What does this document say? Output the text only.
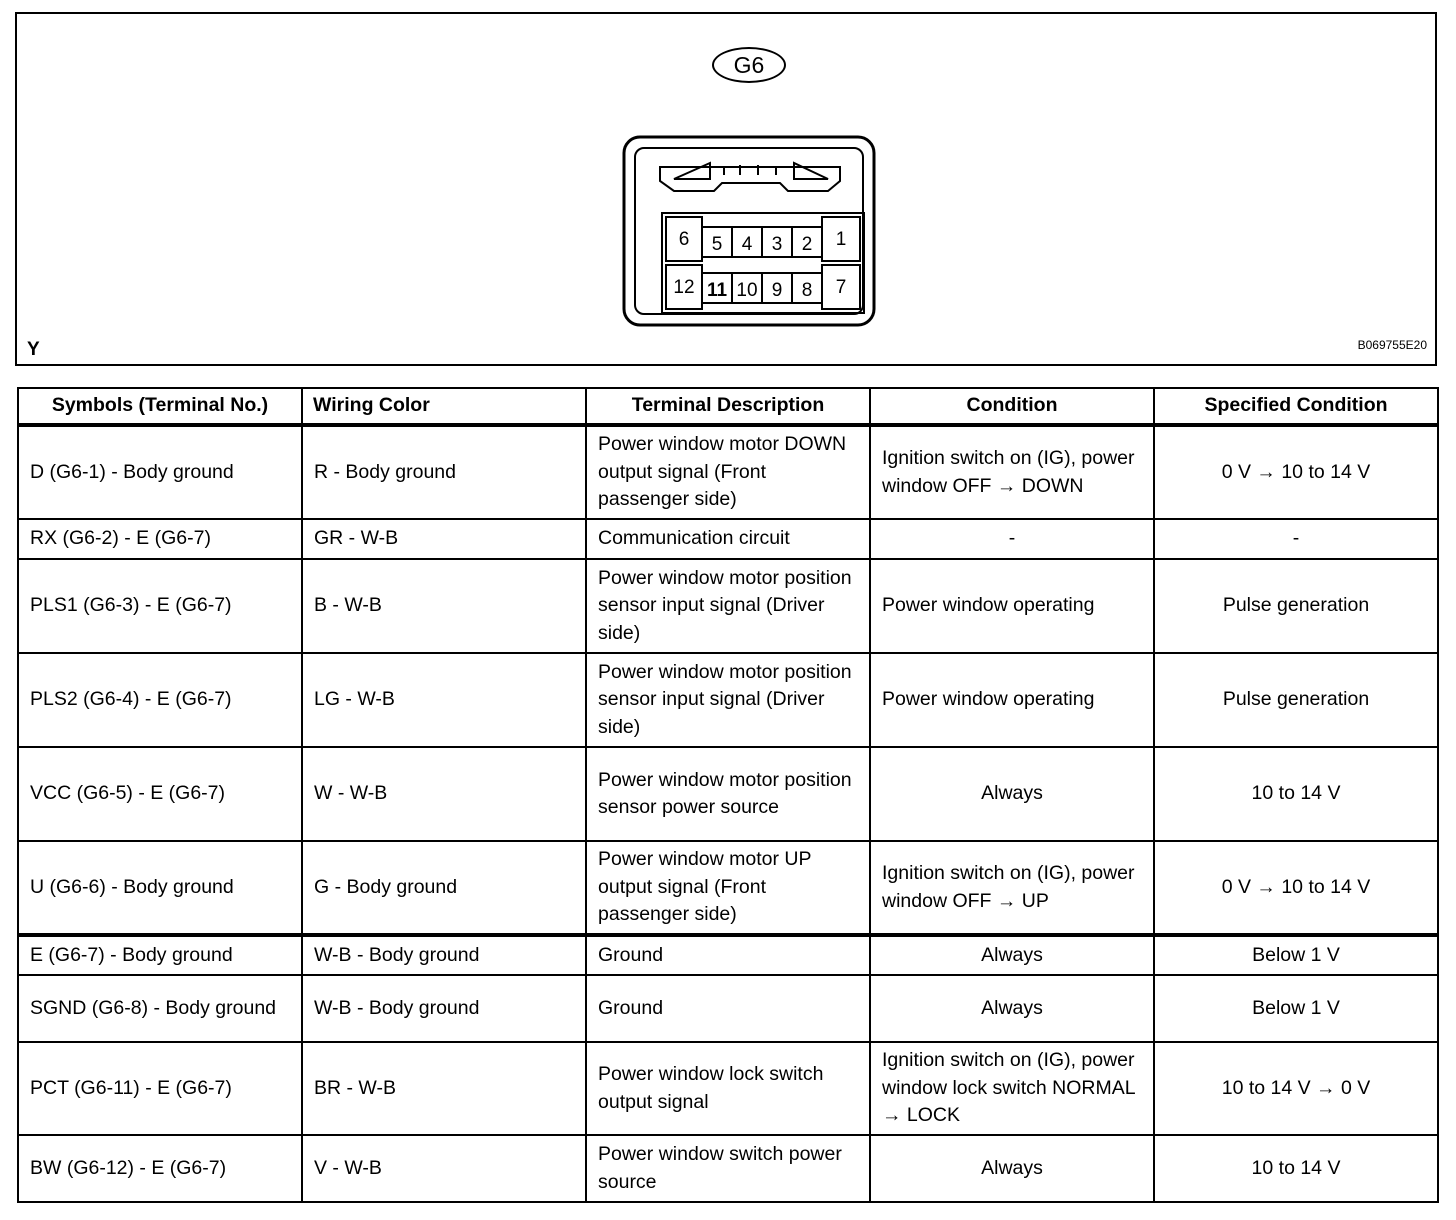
G6
6 5 4 3 2 1
12 11 10 9 8 7
Y	B069755E20
Symbols (Terminal No.)	Wiring Color	Terminal Description	Condition	Specified Condition
D (G6-1) - Body ground	R - Body ground	Power window motor DOWN output signal (Front passenger side)	Ignition switch on (IG), power window OFF → DOWN	0 V → 10 to 14 V
RX (G6-2) - E (G6-7)	GR - W-B	Communication circuit	-	-
PLS1 (G6-3) - E (G6-7)	B - W-B	Power window motor position sensor input signal (Driver side)	Power window operating	Pulse generation
PLS2 (G6-4) - E (G6-7)	LG - W-B	Power window motor position sensor input signal (Driver side)	Power window operating	Pulse generation
VCC (G6-5) - E (G6-7)	W - W-B	Power window motor position sensor power source	Always	10 to 14 V
U (G6-6) - Body ground	G - Body ground	Power window motor UP output signal (Front passenger side)	Ignition switch on (IG), power window OFF → UP	0 V → 10 to 14 V
E (G6-7) - Body ground	W-B - Body ground	Ground	Always	Below 1 V
SGND (G6-8) - Body ground	W-B - Body ground	Ground	Always	Below 1 V
PCT (G6-11) - E (G6-7)	BR - W-B	Power window lock switch output signal	Ignition switch on (IG), power window lock switch NORMAL → LOCK	10 to 14 V → 0 V
BW (G6-12) - E (G6-7)	V - W-B	Power window switch power source	Always	10 to 14 V
